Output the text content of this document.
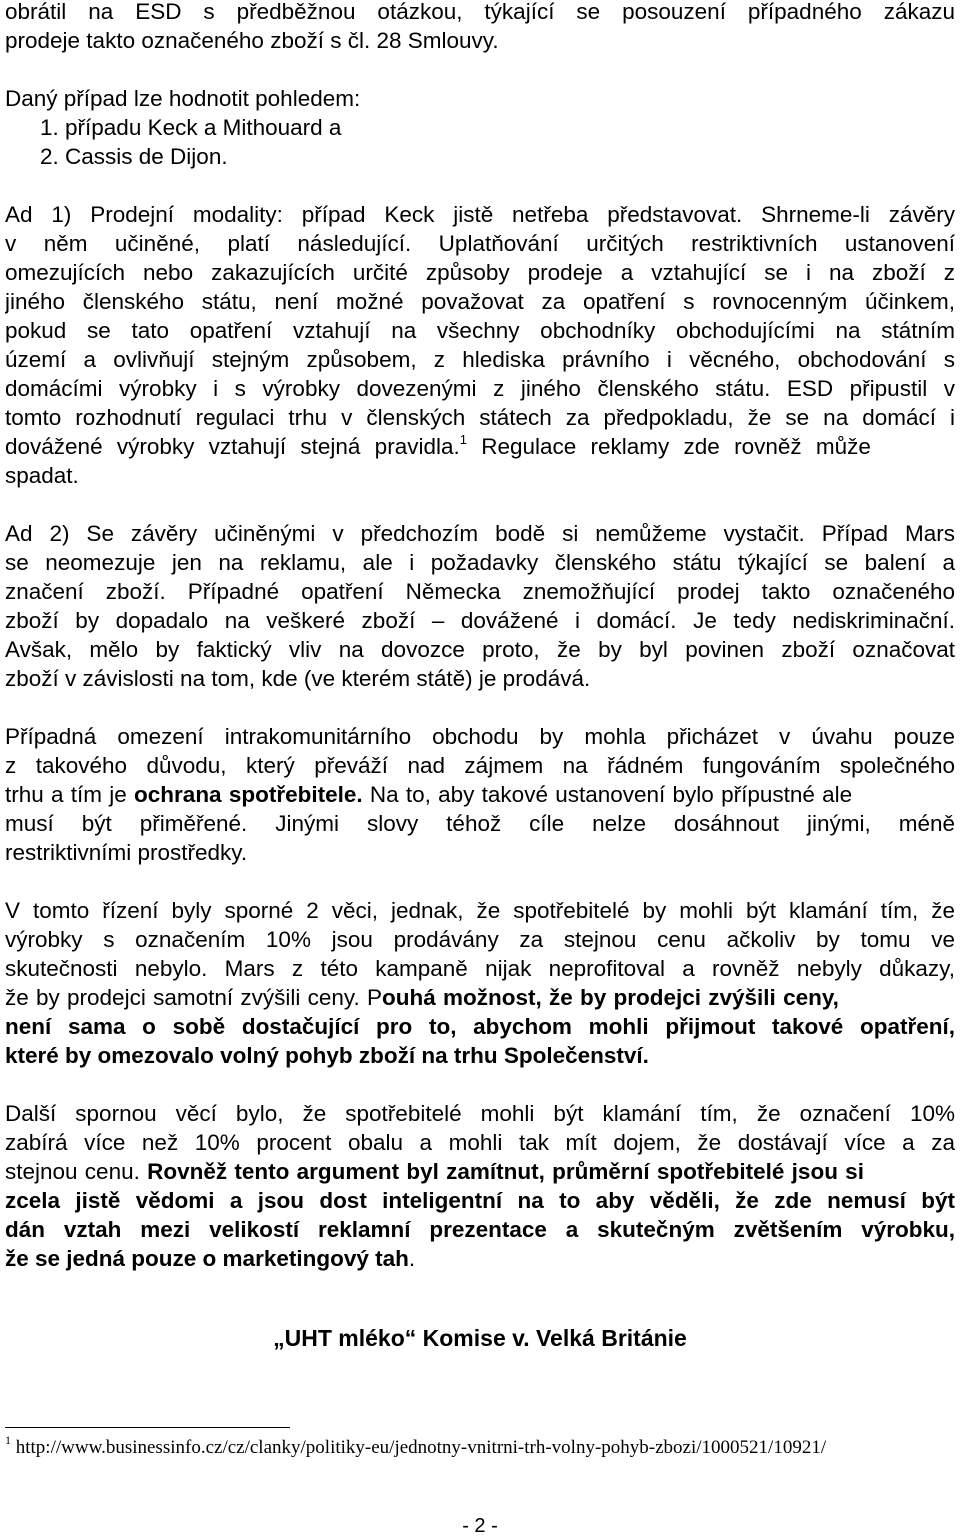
obrátil na ESD s předběžnou otázkou, týkající se posouzení případného zákazu
prodeje takto označeného zboží s čl. 28 Smlouvy.
Daný případ lze hodnotit pohledem:
1. případu Keck a Mithouard a
2. Cassis de Dijon.
Ad 1) Prodejní modality: případ Keck jistě netřeba představovat. Shrneme-li závěry
v něm učiněné, platí následující. Uplatňování určitých restriktivních ustanovení
omezujících nebo zakazujících určité způsoby prodeje a vztahující se i na zboží z
jiného členského státu, není možné považovat za opatření s rovnocenným účinkem,
pokud se tato opatření vztahují na všechny obchodníky obchodujícími na státním
území a ovlivňují stejným způsobem, z hlediska právního i věcného, obchodování s
domácími výrobky i s výrobky dovezenými z jiného členského státu. ESD připustil v
tomto rozhodnutí regulaci trhu v členských státech za předpokladu, že se na domácí i
dovážené výrobky vztahují stejná pravidla.$^1$ Regulace reklamy zde rovněž může
spadat.
Ad 2) Se závěry učiněnými v předchozím bodě si nemůžeme vystačit. Případ Mars
se neomezuje jen na reklamu, ale i požadavky členského státu týkající se balení a
značení zboží. Případné opatření Německa znemožňující prodej takto označeného
zboží by dopadalo na veškeré zboží – dovážené i domácí. Je tedy nediskriminační.
Avšak, mělo by faktický vliv na dovozce proto, že by byl povinen zboží označovat
zboží v závislosti na tom, kde (ve kterém státě) je prodává.
Případná omezení intrakomunitárního obchodu by mohla přicházet v úvahu pouze
z takového důvodu, který převáží nad zájmem na řádném fungováním společného
trhu a tím je ochrana spotřebitele. Na to, aby takové ustanovení bylo přípustné ale
musí být přiměřené. Jinými slovy téhož cíle nelze dosáhnout jinými, méně
restriktivními prostředky.
V tomto řízení byly sporné 2 věci, jednak, že spotřebitelé by mohli být klamání tím, že
výrobky s označením 10% jsou prodávány za stejnou cenu ačkoliv by tomu ve
skutečnosti nebylo. Mars z této kampaně nijak neprofitoval a rovněž nebyly důkazy,
že by prodejci samotní zvýšili ceny. Pouhá možnost, že by prodejci zvýšili ceny,
není sama o sobě dostačující pro to, abychom mohli přijmout takové opatření,
které by omezovalo volný pohyb zboží na trhu Společenství.
Další spornou věcí bylo, že spotřebitelé mohli být klamání tím, že označení 10%
zabírá více než 10% procent obalu a mohli tak mít dojem, že dostávají více a za
stejnou cenu. Rovněž tento argument byl zamítnut, průměrní spotřebitelé jsou si
zcela jistě vědomi a jsou dost inteligentní na to aby věděli, že zde nemusí být
dán vztah mezi velikostí reklamní prezentace a skutečným zvětšením výrobku,
že se jedná pouze o marketingový tah.
„UHT mléko“ Komise v. Velká Británie
$^1$ http://www.businessinfo.cz/cz/clanky/politiky-eu/jednotny-vnitrni-trh-volny-pohyb-zbozi/1000521/10921/
- 2 -
